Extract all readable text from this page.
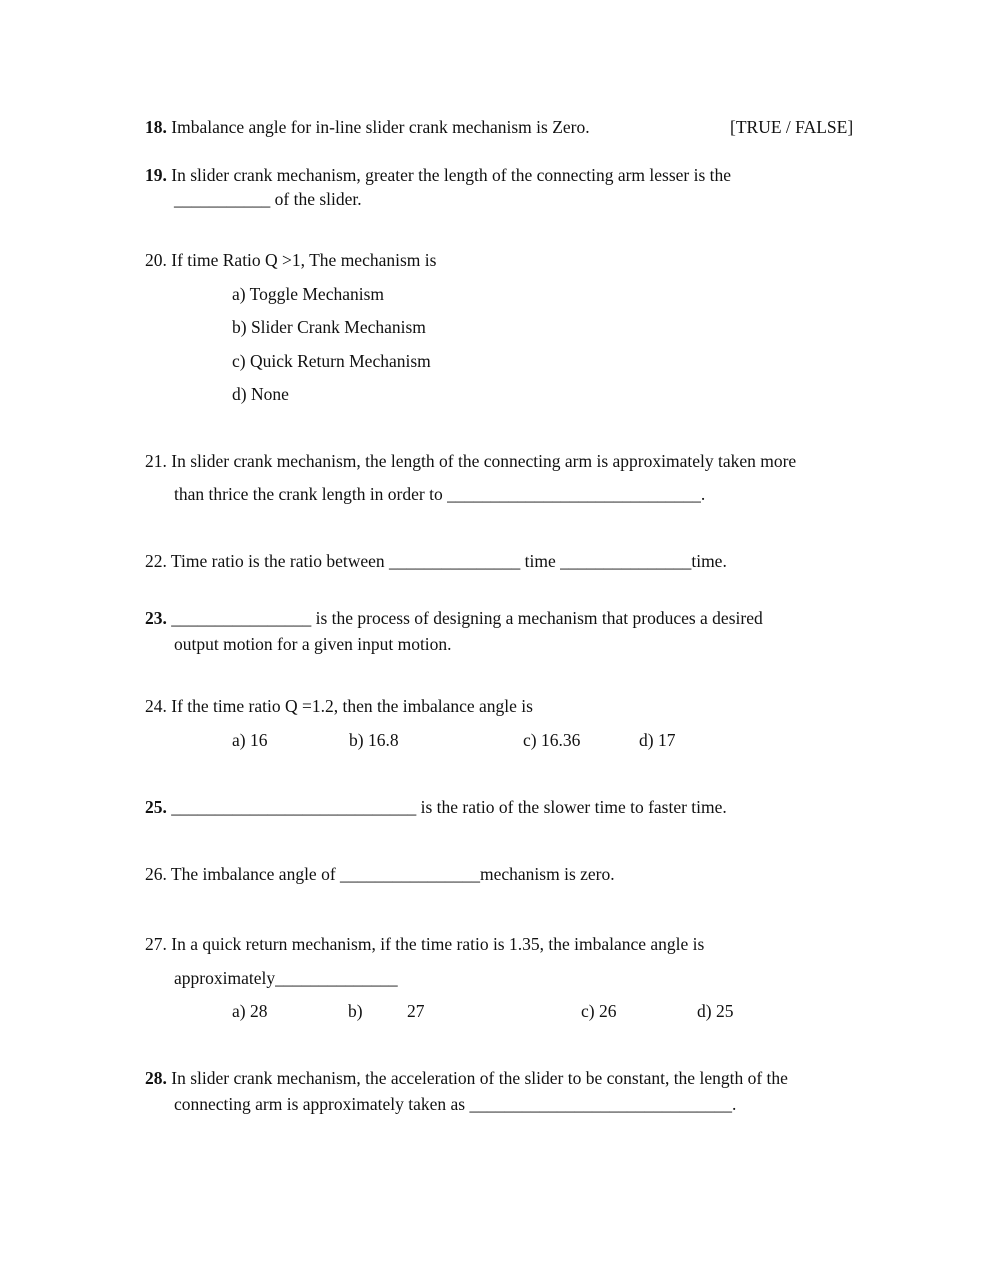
18. Imbalance angle for in-line slider crank mechanism is Zero.	[TRUE / FALSE]
19. In slider crank mechanism, greater the length of the connecting arm lesser is the
___________ of the slider.
20. If time Ratio Q >1, The mechanism is
a) Toggle Mechanism
b) Slider Crank Mechanism
c) Quick Return Mechanism
d) None
21. In slider crank mechanism, the length of the connecting arm is approximately taken more
than thrice the crank length in order to _____________________________.
22. Time ratio is the ratio between _______________ time _______________time.
23. ________________ is the process of designing a mechanism that produces a desired
output motion for a given input motion.
24. If the time ratio Q =1.2, then the imbalance angle is
a) 16	b) 16.8	c) 16.36	d) 17
25. ____________________________ is the ratio of the slower time to faster time.
26. The imbalance angle of ________________mechanism is zero.
27. In a quick return mechanism, if the time ratio is 1.35, the imbalance angle is
approximately______________
a) 28	b)	27	c) 26	d) 25
28. In slider crank mechanism, the acceleration of the slider to be constant, the length of the
connecting arm is approximately taken as ______________________________.
